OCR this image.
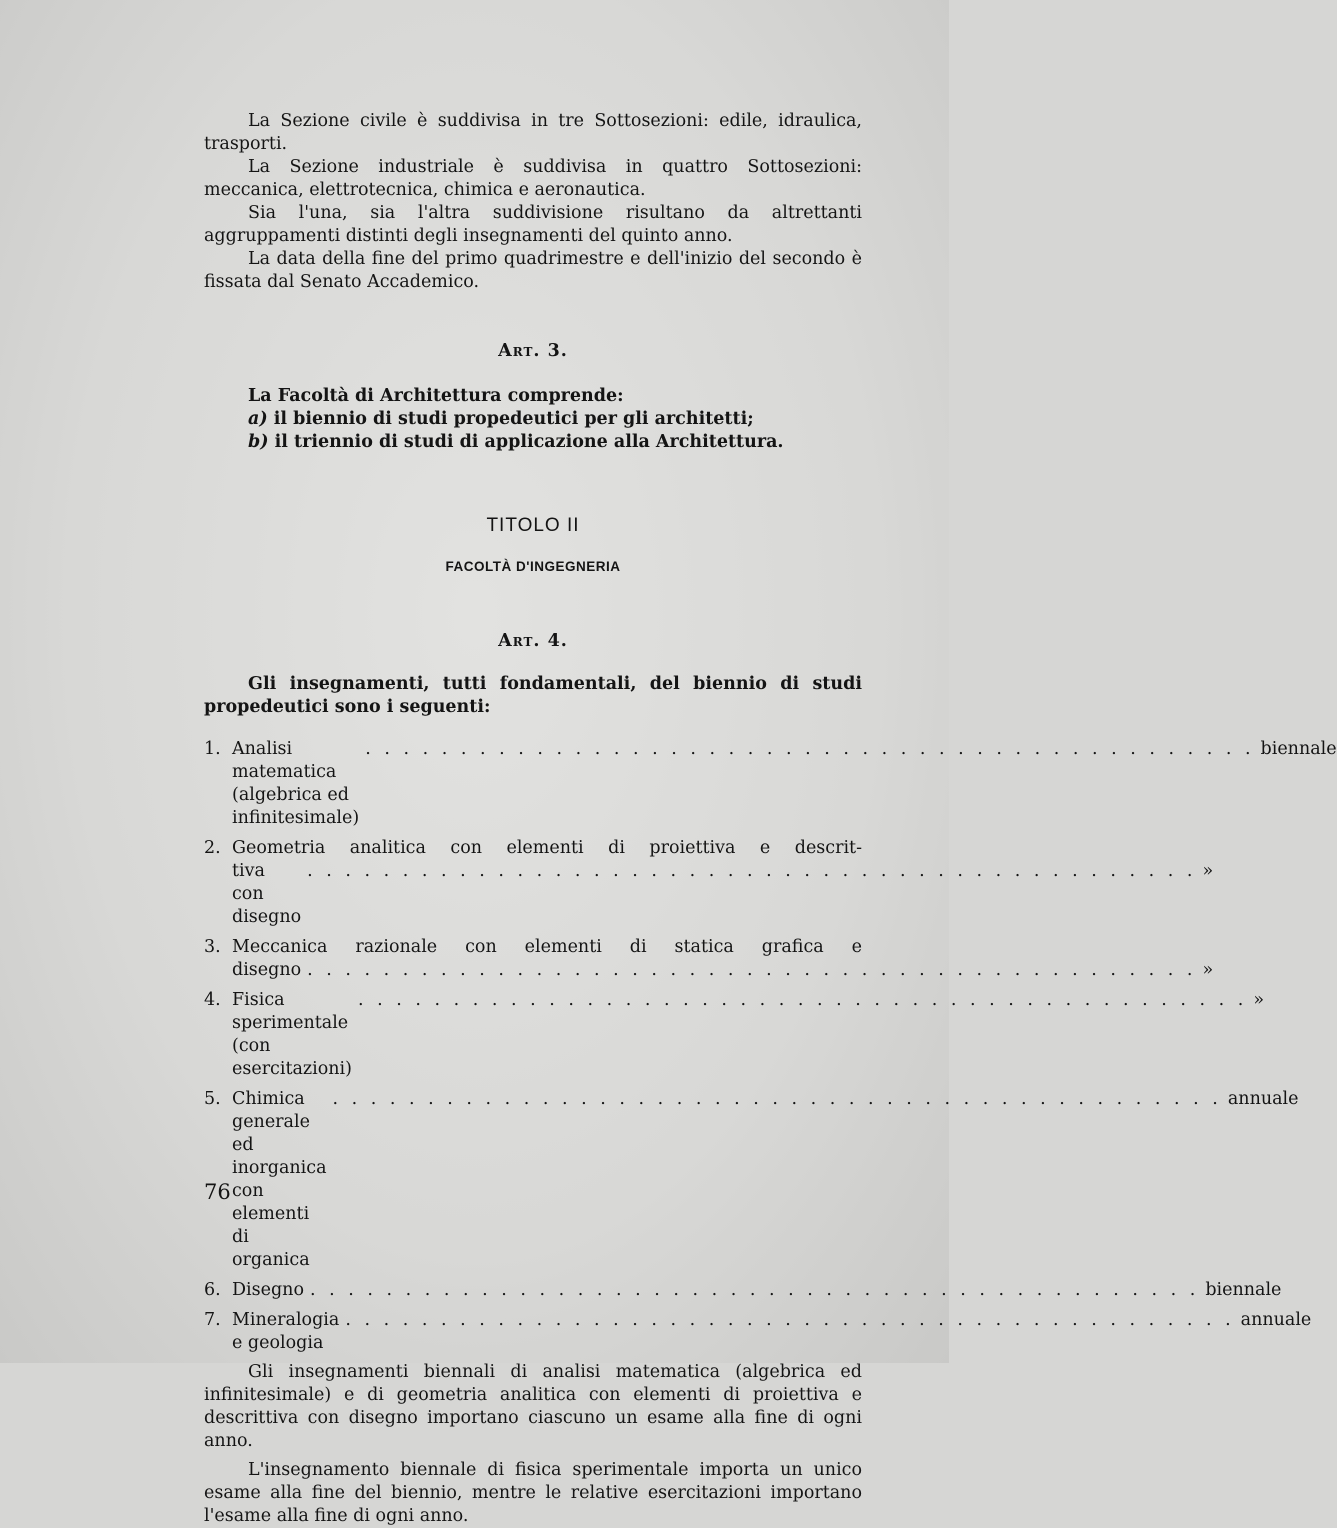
La Sezione civile è suddivisa in tre Sottosezioni: edile, idraulica, trasporti.

La Sezione industriale è suddivisa in quattro Sottosezioni: meccanica, elettrotecnica, chimica e aeronautica.

Sia l'una, sia l'altra suddivisione risultano da altrettanti aggruppamenti distinti degli insegnamenti del quinto anno.

La data della fine del primo quadrimestre e dell'inizio del secondo è fissata dal Senato Accademico.

Art. 3.

La Facoltà di Architettura comprende:

a) il biennio di studi propedeutici per gli architetti;

b) il triennio di studi di applicazione alla Architettura.

TITOLO II

FACOLTÀ D'INGEGNERIA

Art. 4.

Gli insegnamenti, tutti fondamentali, del biennio di studi propedeutici sono i seguenti:

1. Analisi matematica (algebrica ed infinitesimale)
. . . . . . . . . . . . . . . . . . . . . . . . . . . . . . . . . . . . . . . . . . . . . . . biennale
2. Geometria analitica con elementi di proiettiva e descrit-
tiva con disegno
. . . . . . . . . . . . . . . . . . . . . . . . . . . . . . . . . . . . . . . . . . . . . . . »
3. Meccanica razionale con elementi di statica grafica e
disegno . . . . . . . . . . . . . . . . . . . . . . . . . . . . . . . . . . . . . . . . . . . . . . . »
4. Fisica sperimentale (con esercitazioni)
. . . . . . . . . . . . . . . . . . . . . . . . . . . . . . . . . . . . . . . . . . . . . . . »
5. Chimica generale ed inorganica con elementi di organica
. . . . . . . . . . . . . . . . . . . . . . . . . . . . . . . . . . . . . . . . . . . . . . . annuale
6. Disegno . . . . . . . . . . . . . . . . . . . . . . . . . . . . . . . . . . . . . . . . . . . . . . . biennale
7. Mineralogia e geologia
. . . . . . . . . . . . . . . . . . . . . . . . . . . . . . . . . . . . . . . . . . . . . . . annuale

Gli insegnamenti biennali di analisi matematica (algebrica ed infinitesimale) e di geometria analitica con elementi di proiettiva e descrittiva con disegno importano ciascuno un esame alla fine di ogni anno.

L'insegnamento biennale di fisica sperimentale importa un unico esame alla fine del biennio, mentre le relative esercitazioni importano l'esame alla fine di ogni anno.

76
